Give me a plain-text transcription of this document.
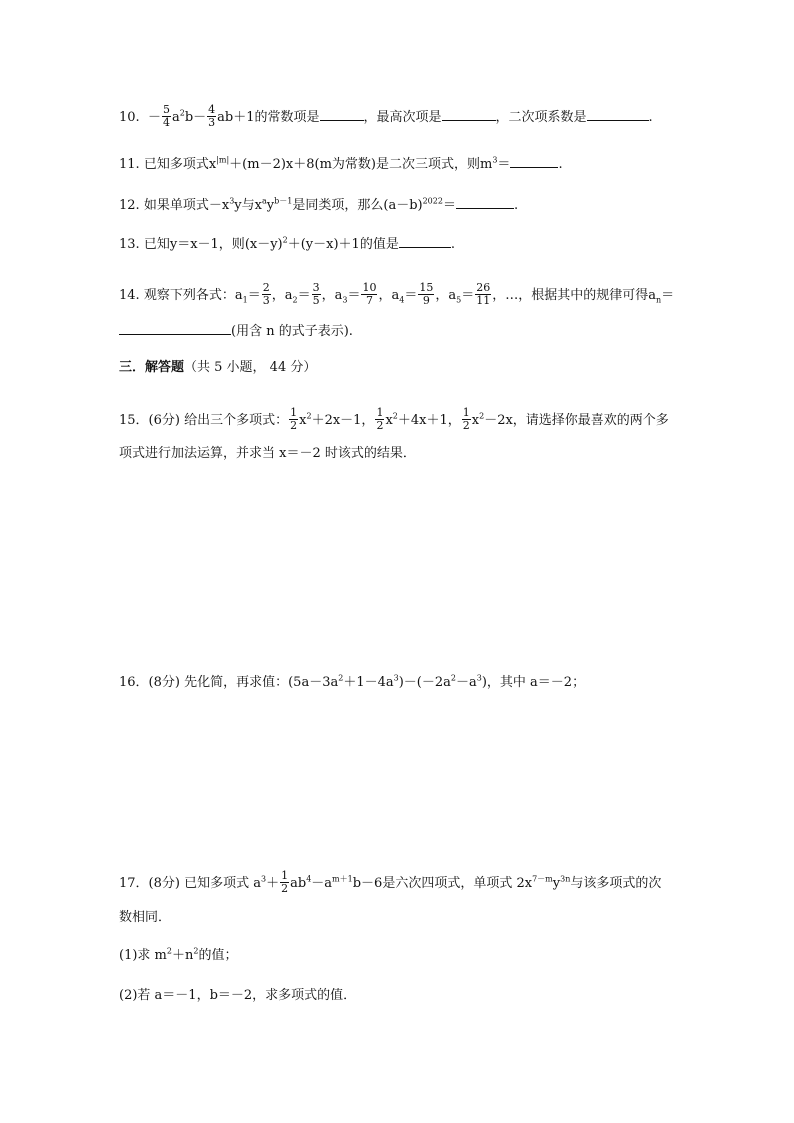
10.  － $\frac{5}{4} a^2b- \frac{4}{3} ab+1$的常数项是	，最高次项是	，二次项系数是	.
11. 已知多项式$x^{|m|}+(m-2)x+8(m$为常数)是二次三项式，则$m^3=$	.
12. 如果单项式$-x^3y$与$x^ay^{b-1}$是同类项，那么$(a-b)^{2022}=$	.
13. 已知y＝x－1，则$(x-y)^2+(y-x)+1$的值是	.
14. 观察下列各式：$a_1= \frac{2}{3}$ ，$a_2= \frac{3}{5}$ ，$a_3= \frac{10}{7}$ ，$a_4= \frac{15}{9}$ ，$a_5= \frac{26}{11}$ ，…，根据其中的规律可得$a_n=$
(用含 n 的式子表示).
三．解答题（共 5 小题， 44 分）
15．(6分) 给出三个多项式： $\frac{1}{2} x^2+2x-1$， $\frac{1}{2} x^2+4x+1$， $\frac{1}{2} x^2-2x$，请选择你最喜欢的两个多
项式进行加法运算，并求当 x＝－2 时该式的结果．
16．(8分) 先化简，再求值：$(5a-3a^2+1-4a^3)-(-2a^2-a^3)$，其中 a＝－2；
17．(8分) 已知多项式 $a^3+ \frac{1}{2} ab^4-a^{m+1}b-6$是六次四项式，单项式 $2x^{7-m}y^{3n}$与该多项式的次
数相同．
(1)求 $m^2+n^2$的值；
(2)若 a＝－1，b＝－2，求多项式的值．
